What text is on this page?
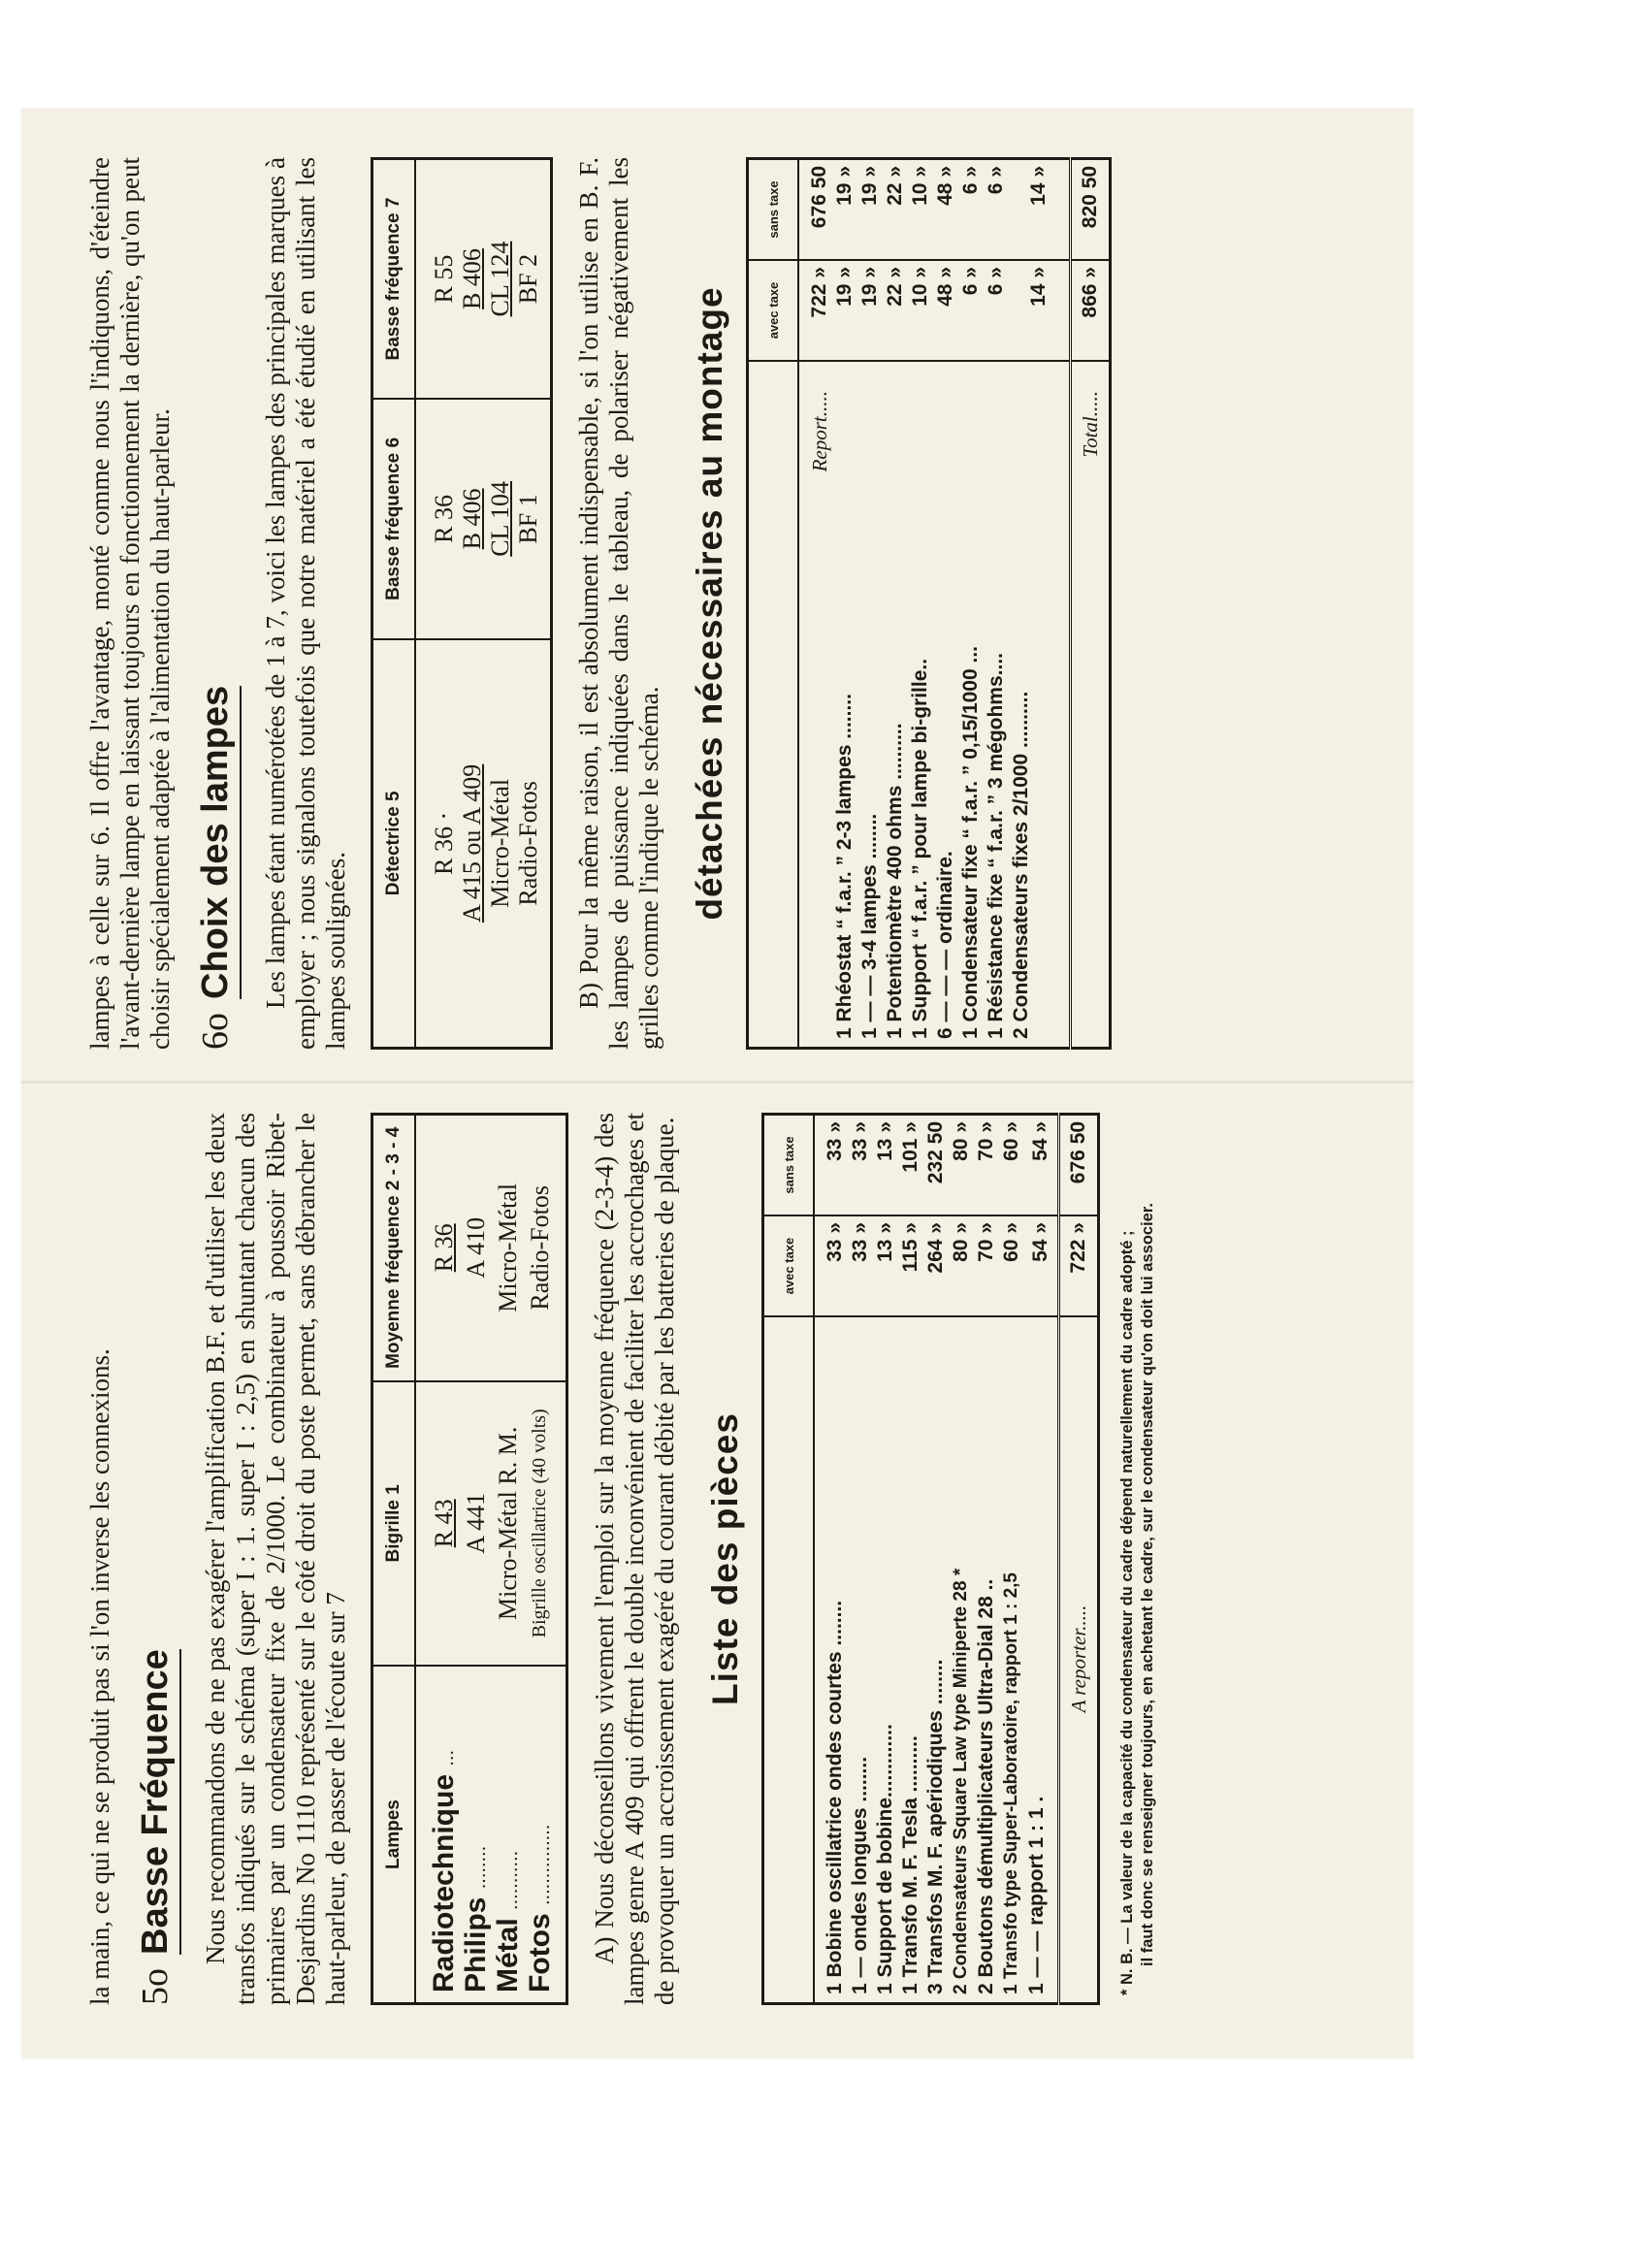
la main, ce qui ne se produit pas si l'on inverse les connexions. 5oBasse Fréquence Nous recommandons de ne pas exagérer l'amplification B.F. et d'utiliser les deux transfos indiqués sur le schéma (super I : 1. super I : 2,5) en shuntant chacun des primaires par un condensateur fixe de 2/1000. Le combinateur à poussoir Ribet-Desjardins No 1110 représenté sur le côté droit du poste permet, sans débrancher le haut-parleur, de passer de l'écoute sur 7 Lampes	Bigrille 1	Moyenne fréquence 2 - 3 - 4
Radiotechnique ...	R 43	R 36
Philips ........	A 441	A 410
Métal ...........	Micro-Métal R. M.	Micro-Métal
Fotos ...............	Bigrille oscillatrice (40 volts)	Radio-Fotos A) Nous déconseillons vivement l'emploi sur la moyenne fréquence (2-3-4) des lampes genre A 409 qui offrent le double inconvénient de faciliter les accrochages et de provoquer un accroissement exagéré du courant débité par les batteries de plaque. Liste des pièces
	avec taxe	sans taxe
1 Bobine oscillatrice ondes courtes ........	33 »	33 »
1 — ondes longues ........	33 »	33 »
1 Support de bobine.............	13 »	13 »
1 Transfo M. F. Tesla ..........	115 »	101 »
3 Transfos M. F. apériodiques ........	264 »	232 50
2 Condensateurs Square Law type Miniperte 28 *	80 »	80 »
2 Boutons démultiplicateurs Ultra-Dial 28 ..	70 »	70 »
1 Transfo type Super-Laboratoire, rapport 1 : 2,5	60 »	60 »
1 — — rapport 1 : 1 .	54 »	54 »
A reporter.....	722 »	676 50
* N. B. — La valeur de la capacité du condensateur du cadre dépend naturellement du cadre adopté ; il faut donc se renseigner toujours, en achetant le cadre, sur le condensateur qu'on doit lui associer.

lampes à celle sur 6. Il offre l'avantage, monté comme nous l'indiquons, d'éteindre l'avant-dernière lampe en laissant toujours en fonctionnement la dernière, qu'on peut choisir spécialement adaptée à l'alimentation du haut-parleur. 6oChoix des lampes Les lampes étant numérotées de 1 à 7, voici les lampes des principales marques à employer ; nous signalons toutefois que notre matériel a été étudié en utilisant les lampes soulignées.

Détectrice 5	Basse fréquence 6	Basse fréquence 7
R 36 ·	R 36	R 55
A 415 ou A 409	B 406	B 406
Micro-Métal	CL 104	CL 124
Radio-Fotos	BF 1	BF 2 B) Pour la même raison, il est absolument indispensable, si l'on utilise en B. F. les lampes de puissance indiquées dans le tableau, de polariser négativement les grilles comme l'indique le schéma. détachées nécessaires au montage
		avec taxe	sans taxe
Report.....	722 »	676 50
1 Rhéostat “ f.a.r. ” 2-3 lampes ........	19 »	19 »
1 — — 3-4 lampes ........	19 »	19 »
1 Potentiomètre 400 ohms ..........	22 »	22 »
1 Support “ f.a.r. ” pour lampe bi-grille..	10 »	10 »
6 — — — ordinaire.	48 »	48 »
1 Condensateur fixe “ f.a.r. ” 0,15/1000 ...	6 »	6 »
1 Résistance fixe “ f.a.r. ” 3 mégohms....	6 »	6 »
2 Condensateurs fixes 2/1000 ..........	14 »	14 »
Total.....	866 »	820 50
